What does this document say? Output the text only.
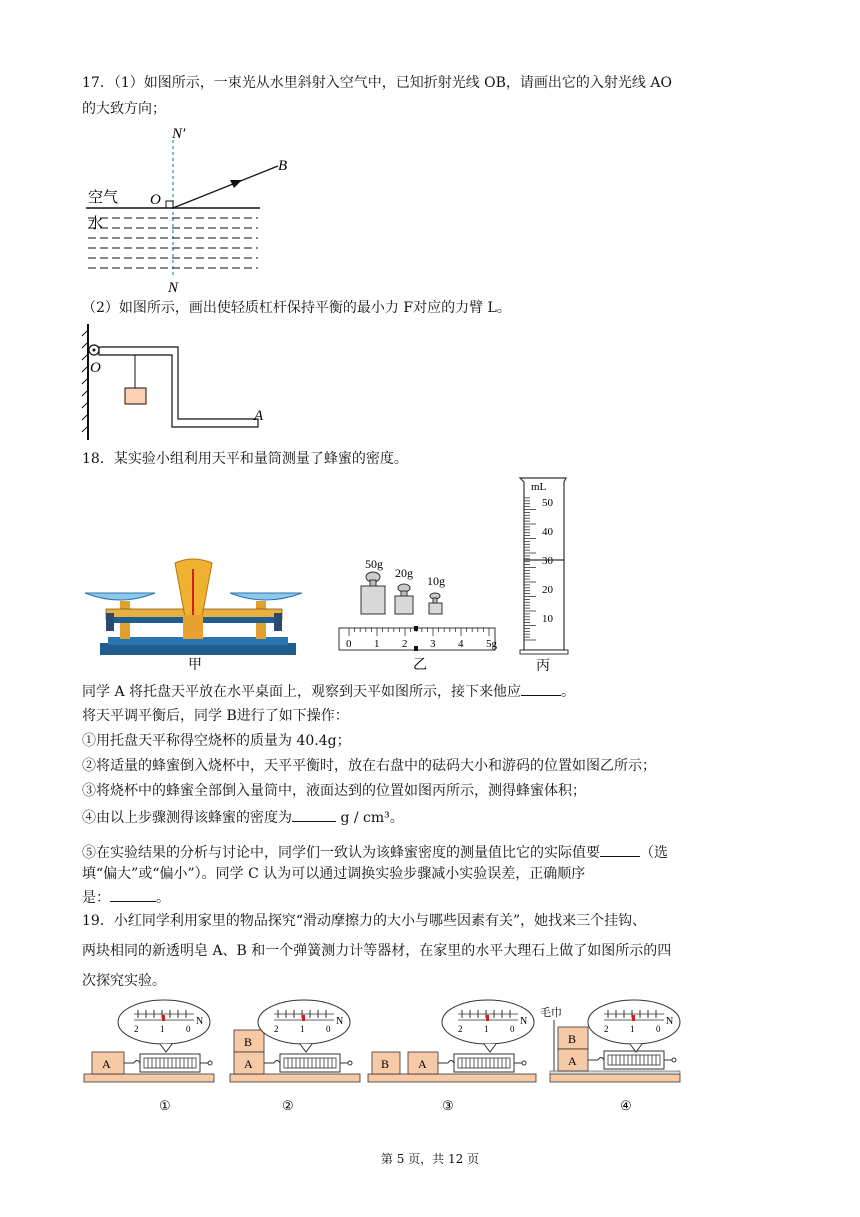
17．（1）如图所示，一束光从水里斜射入空气中，已知折射光线 OB，请画出它的入射光线 AO
的大致方向；
N′
B
O
空气
水
N
（2）如图所示，画出使轻质杠杆保持平衡的最小力 F对应的力臂 L。
O
A
18．某实验小组利用天平和量筒测量了蜂蜜的密度。
甲
50g
20g
10g
0 1 2 3 4 5g
乙
mL
50
40
30
20
10
丙
同学 A 将托盘天平放在水平桌面上，观察到天平如图所示，接下来他应	。
将天平调平衡后，同学 B进行了如下操作：
①用托盘天平称得空烧杯的质量为 40.4g；
②将适量的蜂蜜倒入烧杯中，天平平衡时，放在右盘中的砝码大小和游码的位置如图乙所示；
③将烧杯中的蜂蜜全部倒入量筒中，液面达到的位置如图丙所示，测得蜂蜜体积；
④由以上步骤测得该蜂蜜的密度为	g / cm³。
⑤在实验结果的分析与讨论中，同学们一致认为该蜂蜜密度的测量值比它的实际值要	（选
填“偏大”或“偏小”）。同学 C 认为可以通过调换实验步骤减小实验误差，正确顺序
是：	。
19．小红同学利用家里的物品探究“滑动摩擦力的大小与哪些因素有关”，她找来三个挂钩、
两块相同的新透明皂 A、B 和一个弹簧测力计等器材，在家里的水平大理石上做了如图所示的四
次探究实验。
2	1	0
N
A
①
B
A
②
B A
③
毛巾
B
A
④
第 5 页，共 12 页
